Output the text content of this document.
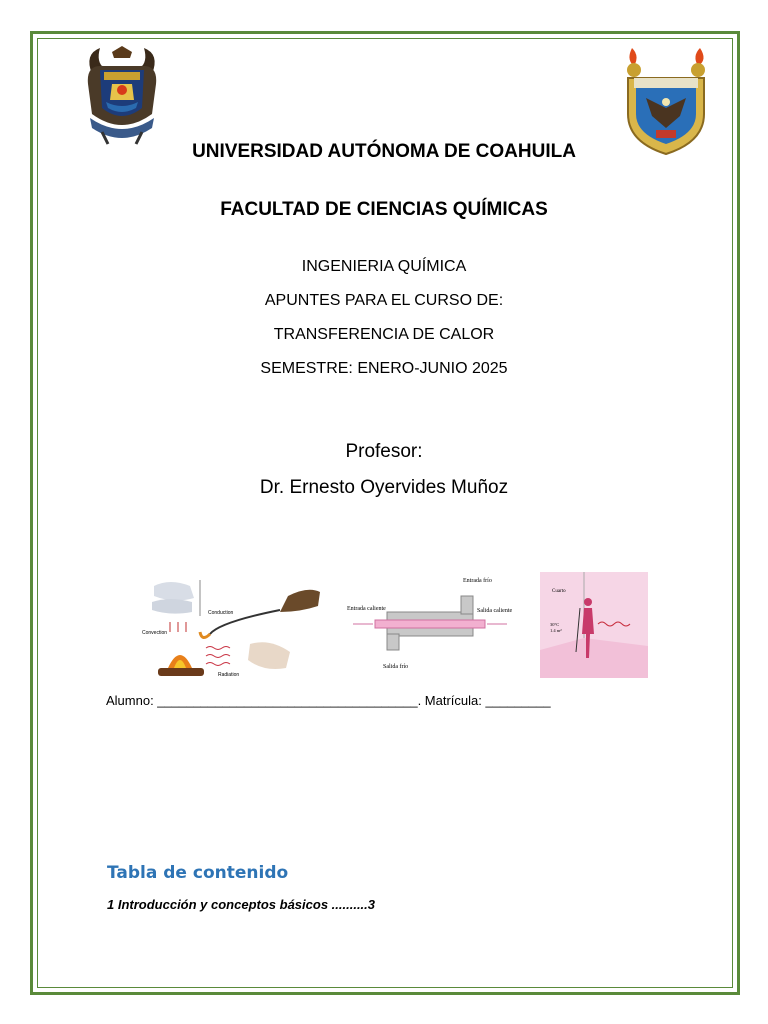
UNIVERSIDAD AUTÓNOMA DE COAHUILA
FACULTAD DE CIENCIAS QUÍMICAS
INGENIERIA QUÍMICA
APUNTES PARA EL CURSO DE:
TRANSFERENCIA DE CALOR
SEMESTRE: ENERO-JUNIO 2025
Profesor:
Dr. Ernesto Oyervides Muñoz
Conduction
Convection
Radiation
Entrada caliente
Entrada frío
Salida caliente
Salida frío
Cuarto
30°C
1.4 m²
Alumno: ____________________________________. Matrícula: _________
Tabla de contenido
1 Introducción y conceptos básicos ..........3
